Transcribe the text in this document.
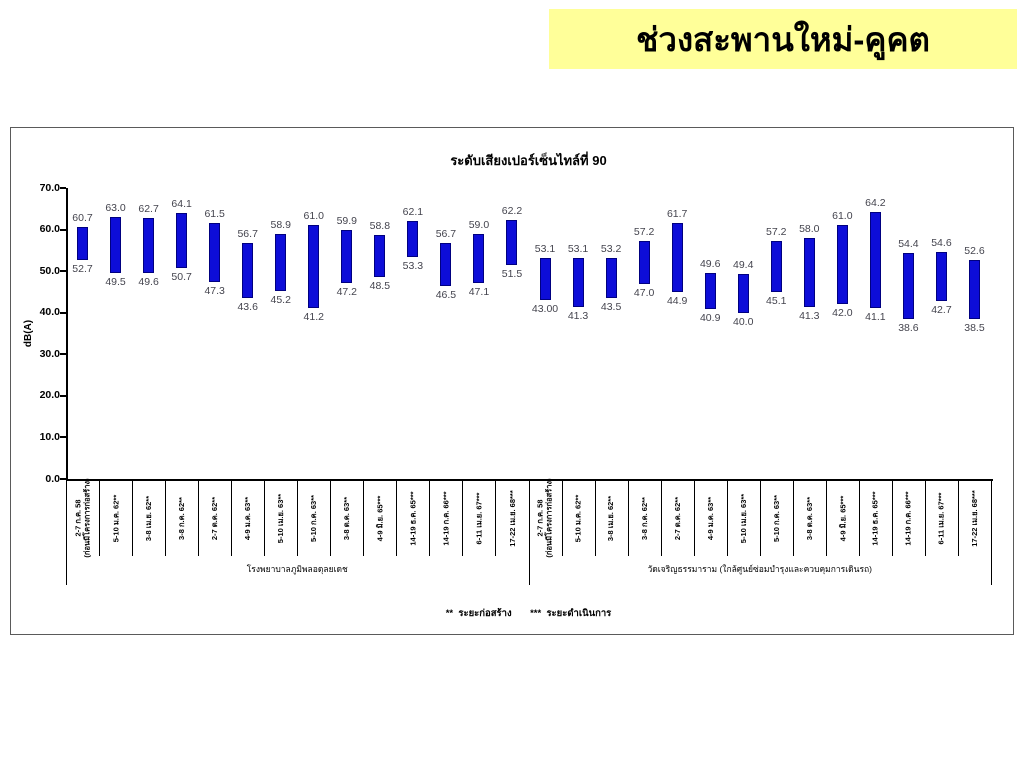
ช่วงสะพานใหม่-คูคต
ระดับเสียงเปอร์เซ็นไทล์ที่ 90
dB(A)
0.0
10.0
20.0
30.0
40.0
50.0
60.0
70.0
60.7
52.7
2-7 ก.ค. 58 (ก่อนมีโครงการก่อสร้าง)
63.0
49.5
5-10 ม.ค. 62**
62.7
49.6
3-8 เม.ย. 62**
64.1
50.7
3-8 ก.ค. 62**
61.5
47.3
2-7 ต.ค. 62**
56.7
43.6
4-9 ม.ค. 63**
58.9
45.2
5-10 เม.ย. 63**
61.0
41.2
5-10 ก.ค. 63**
59.9
47.2
3-8 ต.ค. 63**
58.8
48.5
4-9 มิ.ย. 65***
62.1
53.3
14-19 ธ.ค. 65***
56.7
46.5
14-19 ก.ค. 66***
59.0
47.1
6-11 เม.ย. 67***
62.2
51.5
17-22 เม.ย. 68***
53.1
43.00
2-7 ก.ค. 58 (ก่อนมีโครงการก่อสร้าง)
53.1
41.3
5-10 ม.ค. 62**
53.2
43.5
3-8 เม.ย. 62**
57.2
47.0
3-8 ก.ค. 62**
61.7
44.9
2-7 ต.ค. 62**
49.6
40.9
4-9 ม.ค. 63**
49.4
40.0
5-10 เม.ย. 63**
57.2
45.1
5-10 ก.ค. 63**
58.0
41.3
3-8 ต.ค. 63**
61.0
42.0
4-9 มิ.ย. 65***
64.2
41.1
14-19 ธ.ค. 65***
54.4
38.6
14-19 ก.ค. 66***
54.6
42.7
6-11 เม.ย. 67***
52.6
38.5
17-22 เม.ย. 68***
โรงพยาบาลภูมิพลอดุลยเดช	วัดเจริญธรรมาราม (ใกล้ศูนย์ซ่อมบำรุงและควบคุมการเดินรถ)
**  ระยะก่อสร้าง       ***  ระยะดำเนินการ
